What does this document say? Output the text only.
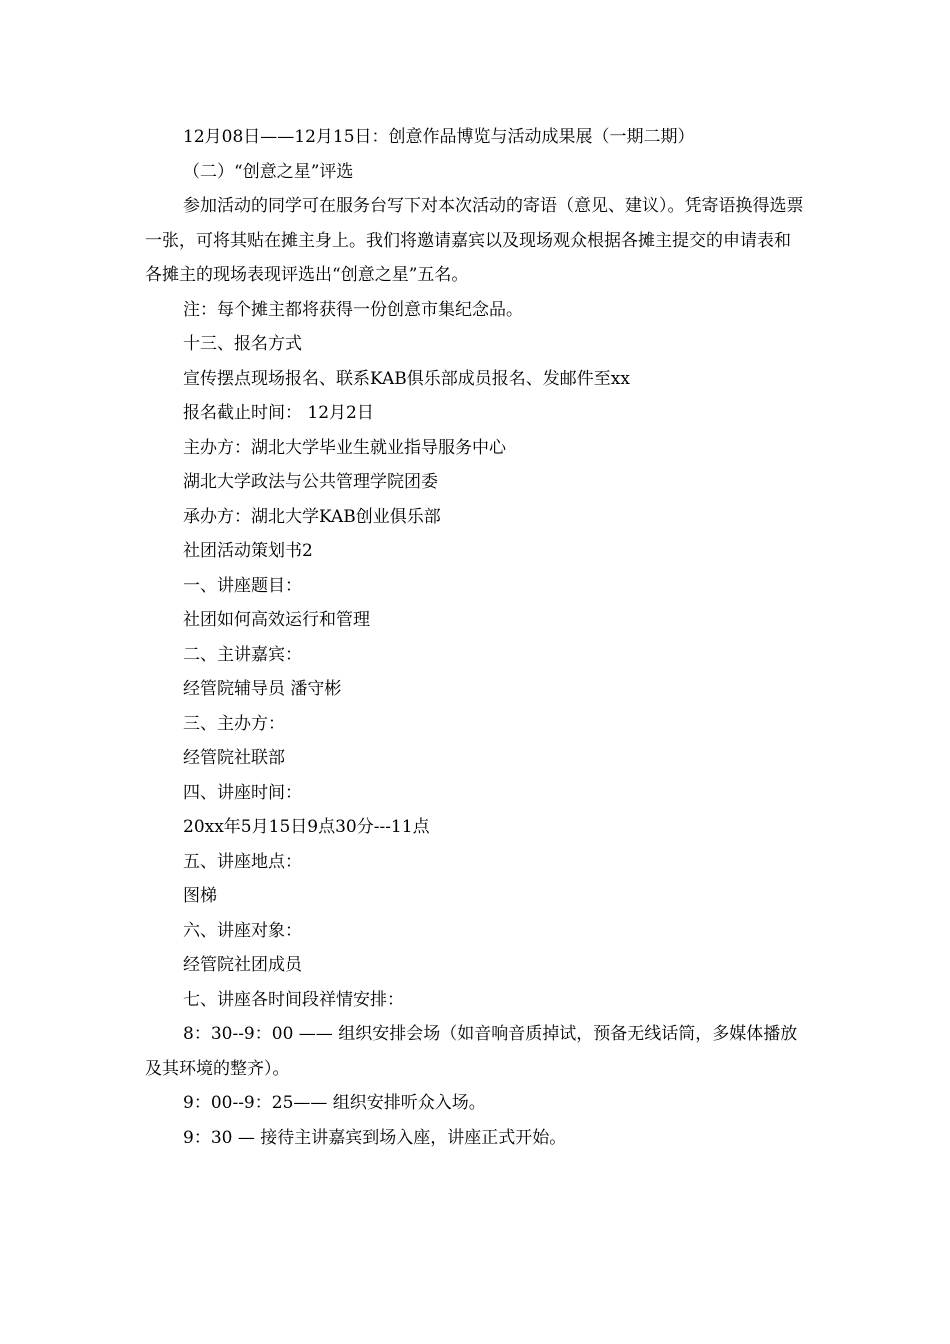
12月08日——12月15日：创意作品博览与活动成果展（一期二期）

（二）“创意之星”评选

参加活动的同学可在服务台写下对本次活动的寄语（意见、建议）。凭寄语换得选票一张，可将其贴在摊主身上。我们将邀请嘉宾以及现场观众根据各摊主提交的申请表和各摊主的现场表现评选出“创意之星”五名。

注：每个摊主都将获得一份创意市集纪念品。

十三、报名方式

宣传摆点现场报名、联系KAB俱乐部成员报名、发邮件至xx

报名截止时间： 12月2日

主办方：湖北大学毕业生就业指导服务中心

湖北大学政法与公共管理学院团委

承办方：湖北大学KAB创业俱乐部

社团活动策划书2

一、讲座题目：

社团如何高效运行和管理

二、主讲嘉宾：

经管院辅导员 潘守彬

三、主办方：

经管院社联部

四、讲座时间：

20xx年5月15日9点30分---11点

五、讲座地点：

图梯

六、讲座对象：

经管院社团成员

七、讲座各时间段祥情安排：

8：30--9：00 —— 组织安排会场（如音响音质掉试，预备无线话筒，多媒体播放及其环境的整齐）。

9：00--9：25—— 组织安排听众入场。

9：30 — 接待主讲嘉宾到场入座，讲座正式开始。
